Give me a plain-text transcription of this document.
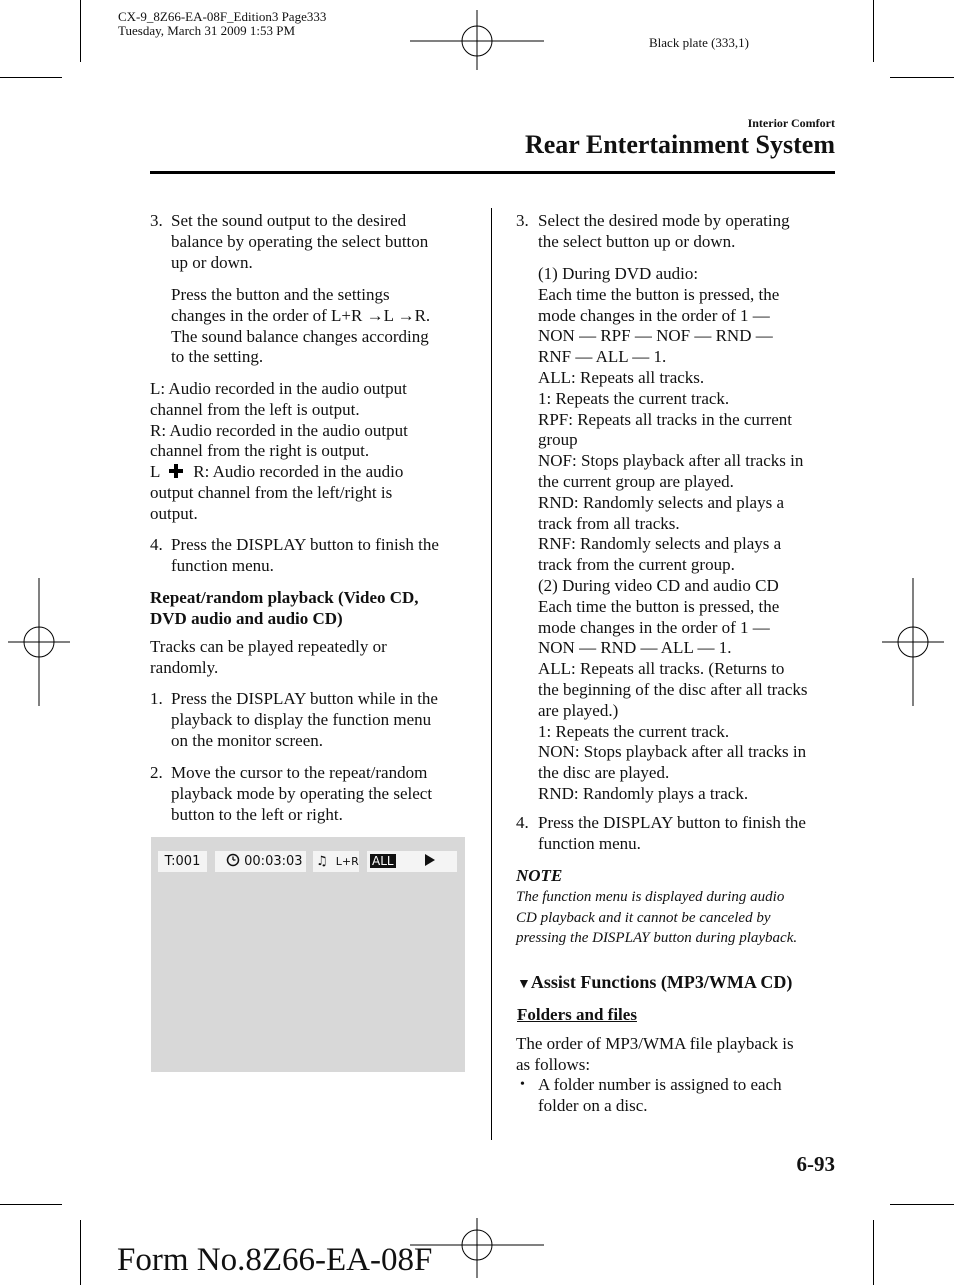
CX-9_8Z66-EA-08F_Edition3 Page333
Tuesday, March 31 2009 1:53 PM
Black plate (333,1)
Interior Comfort
Rear Entertainment System
3. Set the sound output to the desired
balance by operating the select button
up or down.
Press the button and the settings
changes in the order of L+R →L →R.
The sound balance changes according
to the setting.
L: Audio recorded in the audio output
channel from the left is output.
R: Audio recorded in the audio output
channel from the right is output.
L R: Audio recorded in the audio
output channel from the left/right is
output.
4. Press the DISPLAY button to finish the
function menu.
Repeat/random playback (Video CD,
DVD audio and audio CD)
Tracks can be played repeatedly or
randomly.
1. Press the DISPLAY button while in the
playback to display the function menu
on the monitor screen.
2. Move the cursor to the repeat/random
playback mode by operating the select
button to the left or right.
T:001	00:03:03 ♫ L+R	ALL
3. Select the desired mode by operating
the select button up or down.
(1) During DVD audio:
Each time the button is pressed, the
mode changes in the order of 1 —
NON — RPF — NOF — RND —
RNF — ALL — 1.
ALL: Repeats all tracks.
1: Repeats the current track.
RPF: Repeats all tracks in the current
group
NOF: Stops playback after all tracks in
the current group are played.
RND: Randomly selects and plays a
track from all tracks.
RNF: Randomly selects and plays a
track from the current group.
(2) During video CD and audio CD
Each time the button is pressed, the
mode changes in the order of 1 —
NON — RND — ALL — 1.
ALL: Repeats all tracks. (Returns to
the beginning of the disc after all tracks
are played.)
1: Repeats the current track.
NON: Stops playback after all tracks in
the disc are played.
RND: Randomly plays a track.
4. Press the DISPLAY button to finish the
function menu.
NOTE
The function menu is displayed during audio
CD playback and it cannot be canceled by
pressing the DISPLAY button during playback.
▼Assist Functions (MP3/WMA CD)
Folders and files
The order of MP3/WMA file playback is
as follows:
• A folder number is assigned to each
folder on a disc.
6-93
Form No.8Z66-EA-08F
